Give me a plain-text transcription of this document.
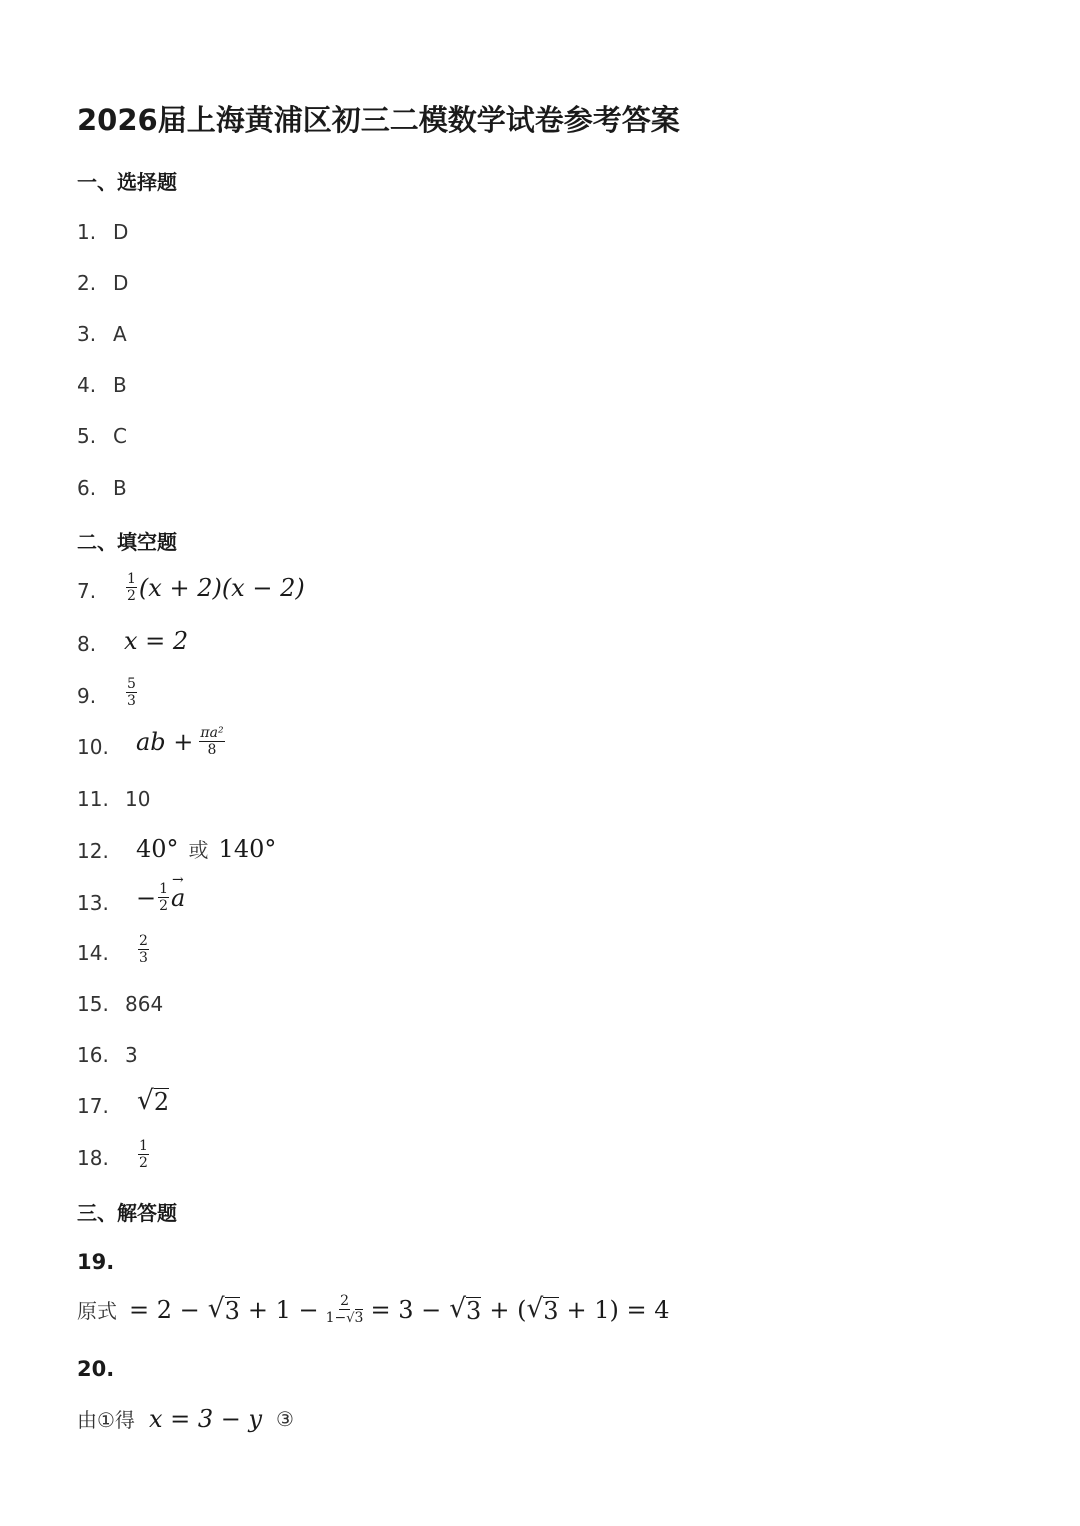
2026届上海黄浦区初三二模数学试卷参考答案
一、选择题
1. D
2. D
3. A
4. B
5. C
6. B
二、填空题
7. $\frac{1}{2} (x + 2)(x - 2)$
8. x = 2
9. $\frac{5}{3}$
10. ab + $\frac{\text{πa²}}{8}$
11. 10
12. 40° 或 140°
13. − $\frac{1}{2}$
→ a
14. $\frac{2}{3}$
15. 864
16. 3
17. √ 2
18. $\frac{1}{2}$
三、解答题
19.
原式 = 2 − √ $3 + 1 - \frac{2}{1-√3} = 3$ − √ 3 + ( √ 3 + 1) = 4
20.
由①得 x = 3 − y ③
